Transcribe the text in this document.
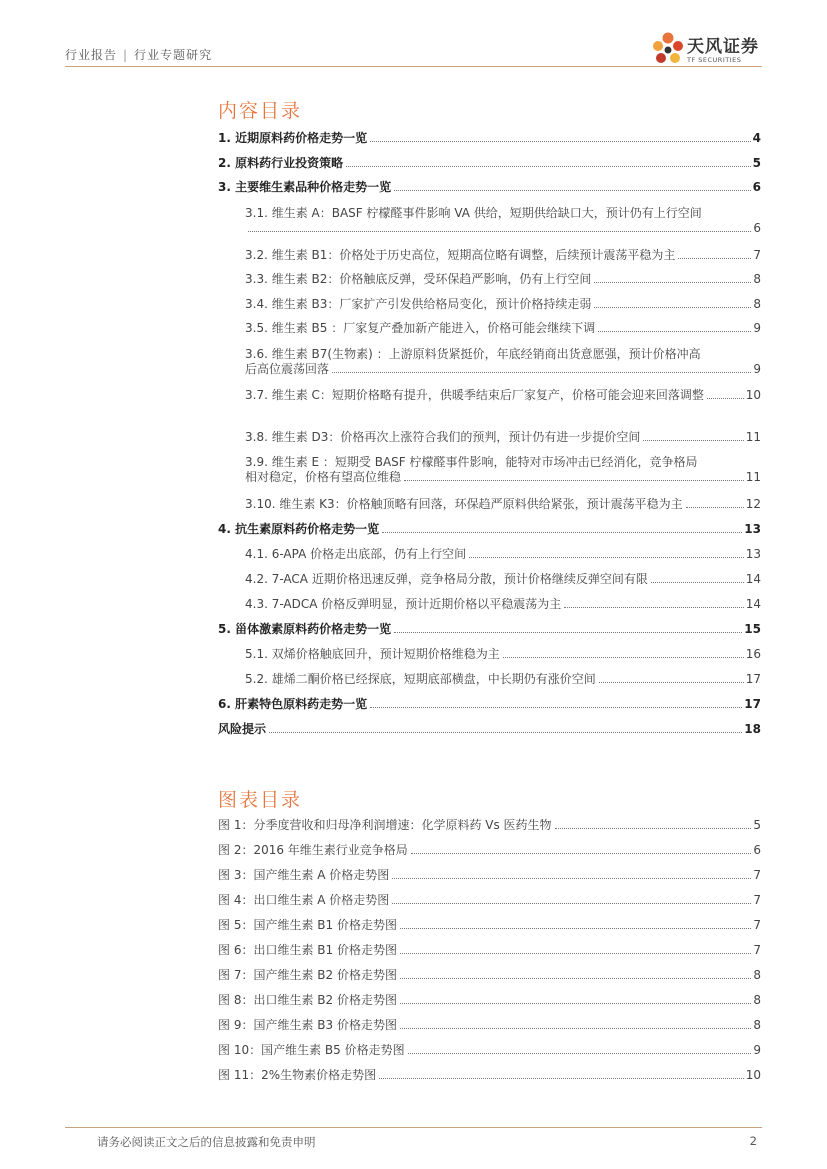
行业报告 | 行业专题研究	天风证券
TF SECURITIES
内容目录
1. 近期原料药价格走势一览	4
2. 原料药行业投资策略	5
3. 主要维生素品种价格走势一览	6
3.1. 维生素 A：BASF 柠檬醛事件影响 VA 供给，短期供给缺口大，预计仍有上行空间
6
3.2. 维生素 B1：价格处于历史高位，短期高位略有调整，后续预计震荡平稳为主	7
3.3. 维生素 B2：价格触底反弹，受环保趋严影响，仍有上行空间	8
3.4. 维生素 B3：厂家扩产引发供给格局变化，预计价格持续走弱	8
3.5. 维生素 B5 ：厂家复产叠加新产能进入，价格可能会继续下调	9
3.6. 维生素 B7(生物素) ：上游原料货紧挺价，年底经销商出货意愿强，预计价格冲高
后高位震荡回落	9
3.7. 维生素 C：短期价格略有提升，供暖季结束后厂家复产，价格可能会迎来回落调整	10
3.8. 维生素 D3：价格再次上涨符合我们的预判，预计仍有进一步提价空间	11
3.9. 维生素 E ：短期受 BASF 柠檬醛事件影响，能特对市场冲击已经消化，竞争格局
相对稳定，价格有望高位维稳	11
3.10. 维生素 K3：价格触顶略有回落，环保趋严原料供给紧张，预计震荡平稳为主	12
4. 抗生素原料药价格走势一览	13
4.1. 6-APA 价格走出底部，仍有上行空间	13
4.2. 7-ACA 近期价格迅速反弹，竞争格局分散，预计价格继续反弹空间有限	14
4.3. 7-ADCA 价格反弹明显，预计近期价格以平稳震荡为主	14
5. 甾体激素原料药价格走势一览	15
5.1. 双烯价格触底回升，预计短期价格维稳为主	16
5.2. 雄烯二酮价格已经探底，短期底部横盘，中长期仍有涨价空间	17
6. 肝素特色原料药走势一览	17
风险提示	18
图表目录
图 1：分季度营收和归母净利润增速：化学原料药 Vs 医药生物	5
图 2：2016 年维生素行业竞争格局	6
图 3：国产维生素 A 价格走势图	7
图 4：出口维生素 A 价格走势图	7
图 5：国产维生素 B1 价格走势图	7
图 6：出口维生素 B1 价格走势图	7
图 7：国产维生素 B2 价格走势图	8
图 8：出口维生素 B2 价格走势图	8
图 9：国产维生素 B3 价格走势图	8
图 10：国产维生素 B5 价格走势图	9
图 11：2%生物素价格走势图	10
请务必阅读正文之后的信息披露和免责申明	2
